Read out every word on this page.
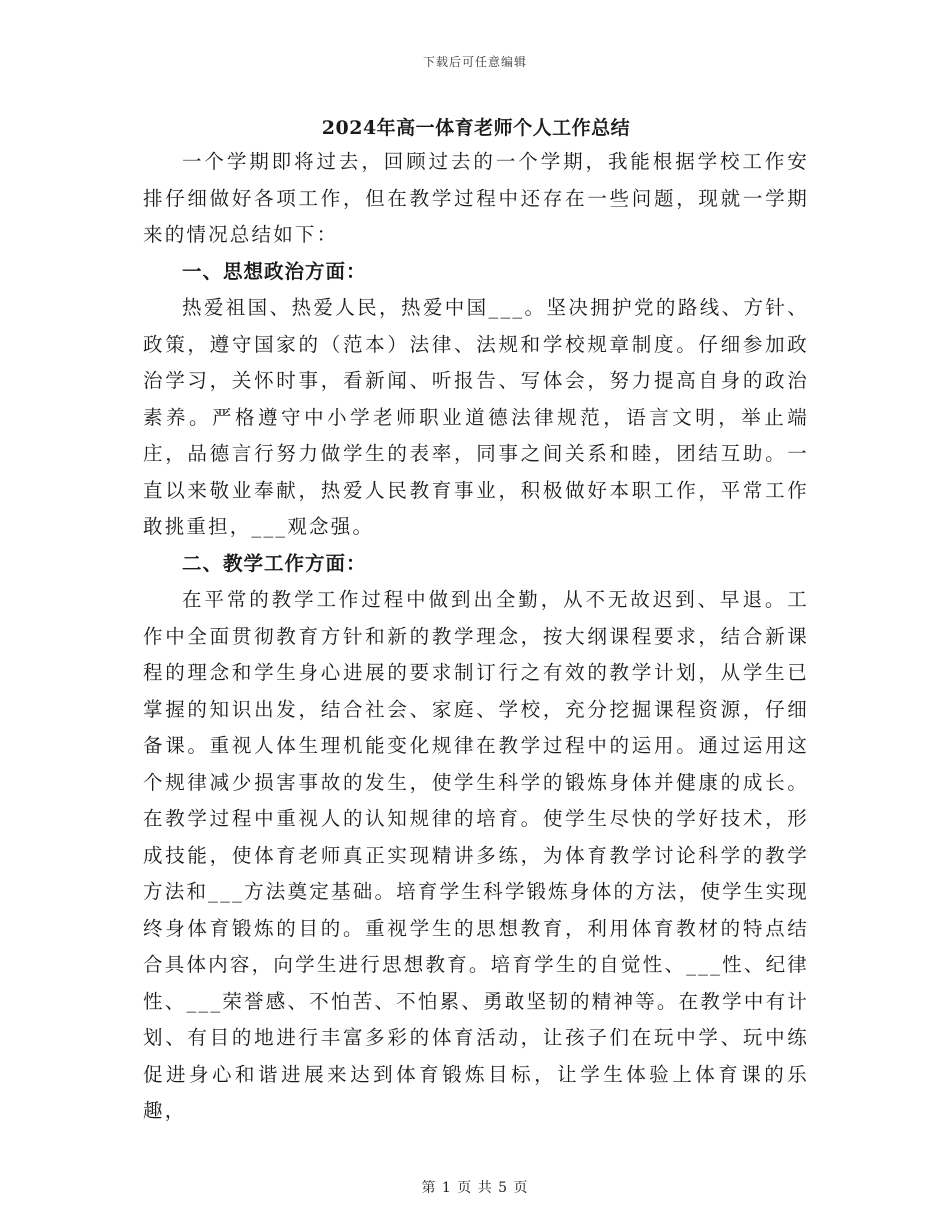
下载后可任意编辑
2024年高一体育老师个人工作总结

一个学期即将过去，回顾过去的一个学期，我能根据学校工作安排仔细做好各项工作，但在教学过程中还存在一些问题，现就一学期来的情况总结如下：

一、思想政治方面：

热爱祖国、热爱人民，热爱中国___。坚决拥护党的路线、方针、政策，遵守国家的（范本）法律、法规和学校规章制度。仔细参加政治学习，关怀时事，看新闻、听报告、写体会，努力提高自身的政治素养。严格遵守中小学老师职业道德法律规范，语言文明，举止端庄，品德言行努力做学生的表率，同事之间关系和睦，团结互助。一直以来敬业奉献，热爱人民教育事业，积极做好本职工作，平常工作敢挑重担，___观念强。

二、教学工作方面：

在平常的教学工作过程中做到出全勤，从不无故迟到、早退。工作中全面贯彻教育方针和新的教学理念，按大纲课程要求，结合新课程的理念和学生身心进展的要求制订行之有效的教学计划，从学生已掌握的知识出发，结合社会、家庭、学校，充分挖掘课程资源，仔细备课。重视人体生理机能变化规律在教学过程中的运用。通过运用这个规律减少损害事故的发生，使学生科学的锻炼身体并健康的成长。在教学过程中重视人的认知规律的培育。使学生尽快的学好技术，形成技能，使体育老师真正实现精讲多练，为体育教学讨论科学的教学方法和___方法奠定基础。培育学生科学锻炼身体的方法，使学生实现终身体育锻炼的目的。重视学生的思想教育，利用体育教材的特点结合具体内容，向学生进行思想教育。培育学生的自觉性、___性、纪律性、___荣誉感、不怕苦、不怕累、勇敢坚韧的精神等。在教学中有计划、有目的地进行丰富多彩的体育活动，让孩子们在玩中学、玩中练促进身心和谐进展来达到体育锻炼目标，让学生体验上体育课的乐趣，

第 1 页 共 5 页
